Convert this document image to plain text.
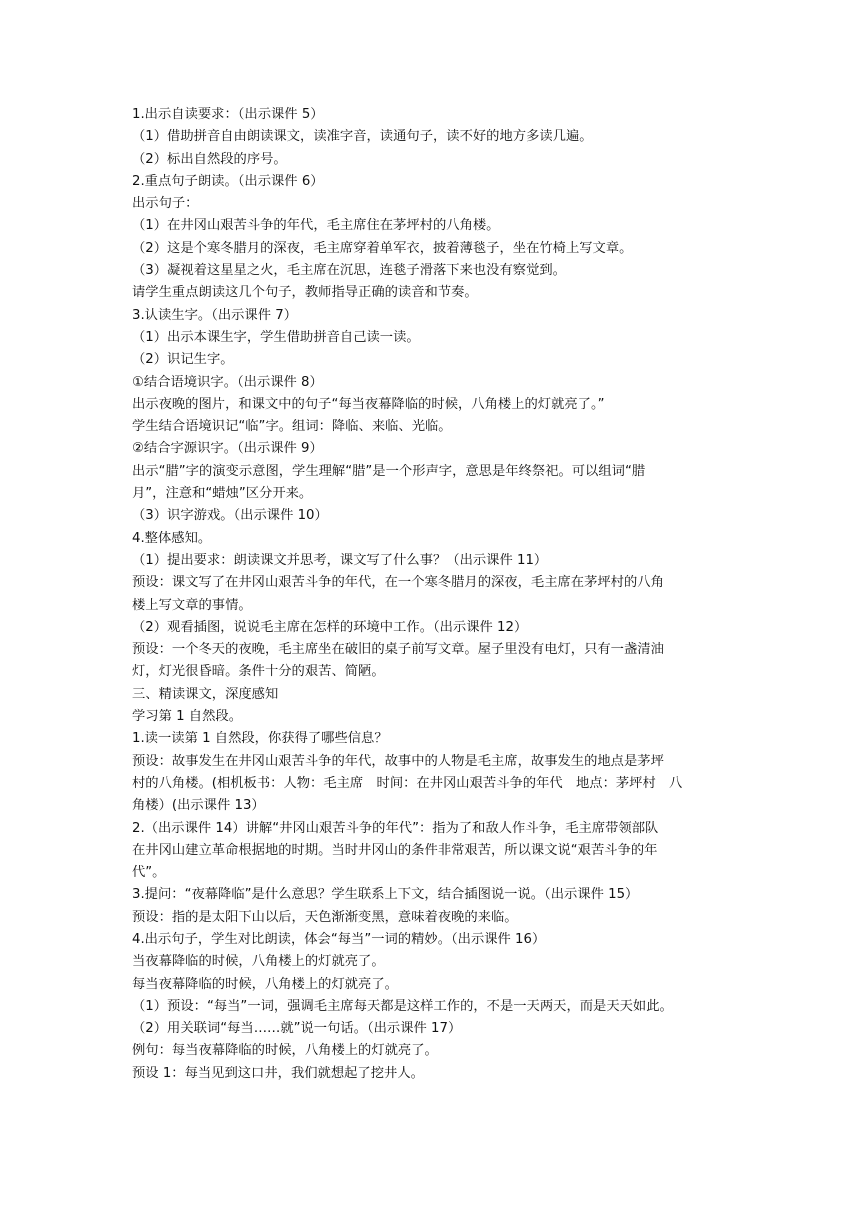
1.出示自读要求：（出示课件 5）
（1）借助拼音自由朗读课文，读准字音，读通句子，读不好的地方多读几遍。
（2）标出自然段的序号。
2.重点句子朗读。（出示课件 6）
出示句子：
（1）在井冈山艰苦斗争的年代，毛主席住在茅坪村的八角楼。
（2）这是个寒冬腊月的深夜，毛主席穿着单军衣，披着薄毯子，坐在竹椅上写文章。
（3）凝视着这星星之火，毛主席在沉思，连毯子滑落下来也没有察觉到。
请学生重点朗读这几个句子，教师指导正确的读音和节奏。
3.认读生字。（出示课件 7）
（1）出示本课生字，学生借助拼音自己读一读。
（2）识记生字。
①结合语境识字。（出示课件 8）
出示夜晚的图片，和课文中的句子“每当夜幕降临的时候，八角楼上的灯就亮了。”
学生结合语境识记“临”字。组词：降临、来临、光临。
②结合字源识字。（出示课件 9）
出示“腊”字的演变示意图，学生理解“腊”是一个形声字，意思是年终祭祀。可以组词“腊
月”，注意和“蜡烛”区分开来。
（3）识字游戏。（出示课件 10）
4.整体感知。
（1）提出要求：朗读课文并思考，课文写了什么事？（出示课件 11）
预设：课文写了在井冈山艰苦斗争的年代，在一个寒冬腊月的深夜，毛主席在茅坪村的八角
楼上写文章的事情。
（2）观看插图，说说毛主席在怎样的环境中工作。（出示课件 12）
预设：一个冬天的夜晚，毛主席坐在破旧的桌子前写文章。屋子里没有电灯，只有一盏清油
灯，灯光很昏暗。条件十分的艰苦、简陋。
三、精读课文，深度感知
学习第 1 自然段。
1.读一读第 1 自然段，你获得了哪些信息？
预设：故事发生在井冈山艰苦斗争的年代，故事中的人物是毛主席，故事发生的地点是茅坪
村的八角楼。(相机板书：人物：毛主席　时间：在井冈山艰苦斗争的年代　地点：茅坪村　八
角楼）(出示课件 13）
2.（出示课件 14）讲解“井冈山艰苦斗争的年代”：指为了和敌人作斗争，毛主席带领部队
在井冈山建立革命根据地的时期。当时井冈山的条件非常艰苦，所以课文说“艰苦斗争的年
代”。
3.提问：“夜幕降临”是什么意思？学生联系上下文，结合插图说一说。（出示课件 15）
预设：指的是太阳下山以后，天色渐渐变黑，意味着夜晚的来临。
4.出示句子，学生对比朗读，体会“每当”一词的精妙。（出示课件 16）
当夜幕降临的时候，八角楼上的灯就亮了。
每当夜幕降临的时候，八角楼上的灯就亮了。
（1）预设：“每当”一词，强调毛主席每天都是这样工作的，不是一天两天，而是天天如此。
（2）用关联词“每当……就”说一句话。（出示课件 17）
例句：每当夜幕降临的时候，八角楼上的灯就亮了。
预设 1：每当见到这口井，我们就想起了挖井人。
